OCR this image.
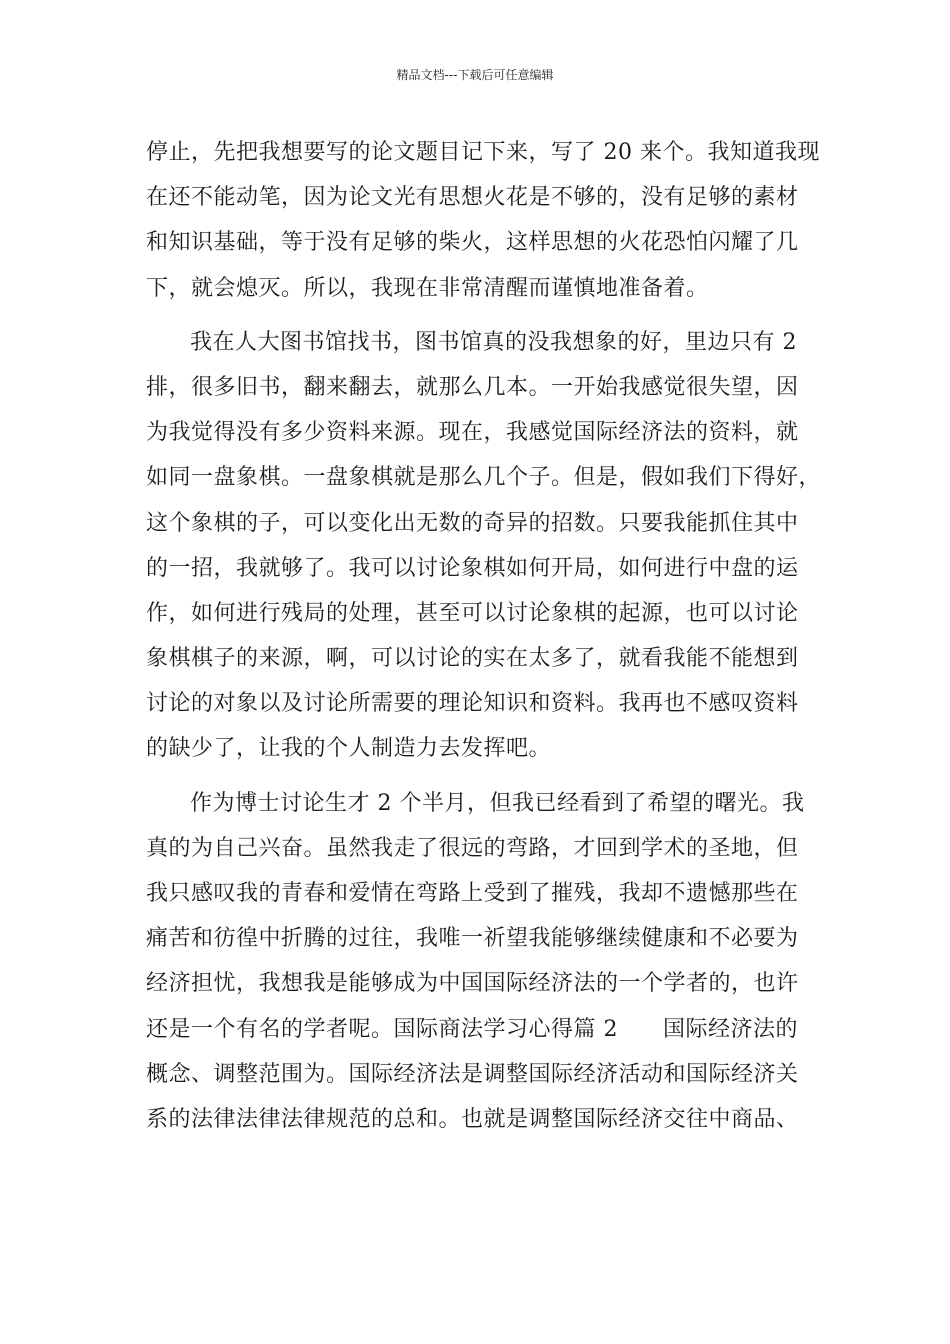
精品文档---下载后可任意编辑
停止，先把我想要写的论文题目记下来，写了 20 来个。我知道我现
在还不能动笔，因为论文光有思想火花是不够的，没有足够的素材
和知识基础，等于没有足够的柴火，这样思想的火花恐怕闪耀了几
下，就会熄灭。所以，我现在非常清醒而谨慎地准备着。
我在人大图书馆找书，图书馆真的没我想象的好，里边只有 2
排，很多旧书，翻来翻去，就那么几本。一开始我感觉很失望，因
为我觉得没有多少资料来源。现在，我感觉国际经济法的资料，就
如同一盘象棋。一盘象棋就是那么几个子。但是，假如我们下得好，
这个象棋的子，可以变化出无数的奇异的招数。只要我能抓住其中
的一招，我就够了。我可以讨论象棋如何开局，如何进行中盘的运
作，如何进行残局的处理，甚至可以讨论象棋的起源，也可以讨论
象棋棋子的来源，啊，可以讨论的实在太多了，就看我能不能想到
讨论的对象以及讨论所需要的理论知识和资料。我再也不感叹资料
的缺少了，让我的个人制造力去发挥吧。
作为博士讨论生才 2 个半月，但我已经看到了希望的曙光。我
真的为自己兴奋。虽然我走了很远的弯路，才回到学术的圣地，但
我只感叹我的青春和爱情在弯路上受到了摧残，我却不遗憾那些在
痛苦和彷徨中折腾的过往，我唯一祈望我能够继续健康和不必要为
经济担忧，我想我是能够成为中国国际经济法的一个学者的，也许
还是一个有名的学者呢。国际商法学习心得篇 2　　国际经济法的
概念、调整范围为。国际经济法是调整国际经济活动和国际经济关
系的法律法律法律规范的总和。也就是调整国际经济交往中商品、
